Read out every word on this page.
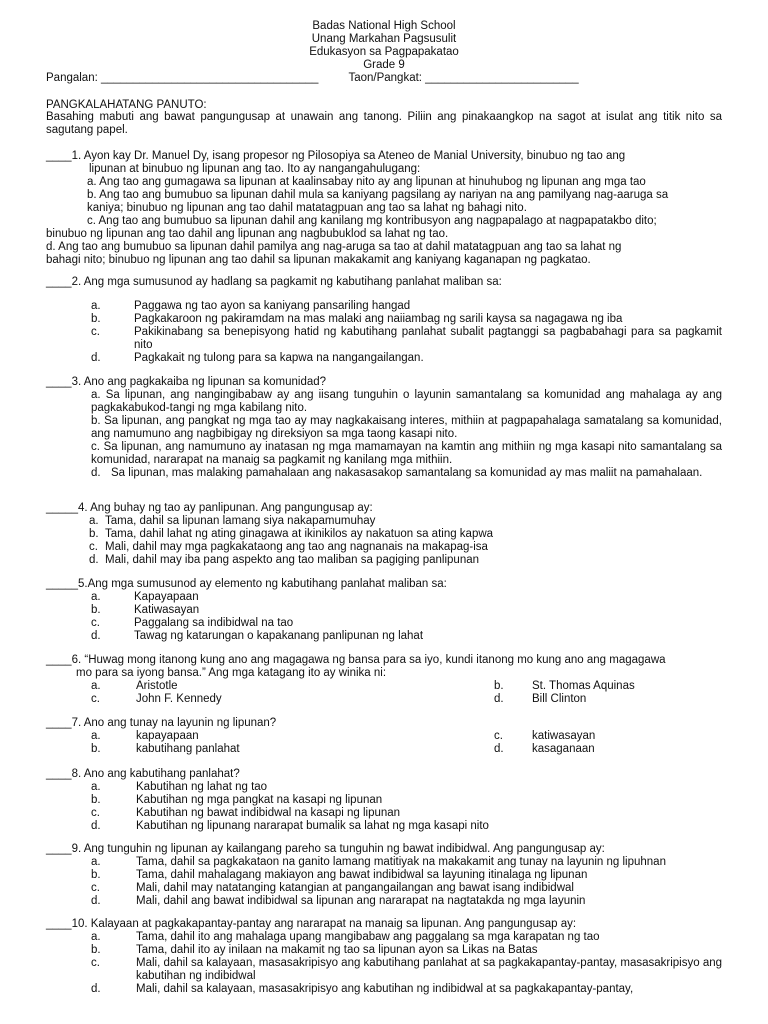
Badas National High School
Unang Markahan Pagsusulit
Edukasyon sa Pagpapakatao
Grade 9
Pangalan: __________________________________	Taon/Pangkat: ________________________
PANGKALAHATANG PANUTO:
Basahing mabuti ang bawat pangungusap at unawain ang tanong. Piliin ang pinakaangkop na sagot at isulat ang titik nito sa sagutang papel.
____1. Ayon kay Dr. Manuel Dy, isang propesor ng Pilosopiya sa Ateneo de Manial University, binubuo ng tao ang
lipunan at binubuo ng lipunan ang tao. Ito ay nangangahulugang:
a. Ang tao ang gumagawa sa lipunan at kaalinsabay nito ay ang lipunan at hinuhubog ng lipunan ang mga tao
b. Ang tao ang bumubuo sa lipunan dahil mula sa kaniyang pagsilang ay nariyan na ang pamilyang nag-aaruga sa
kaniya; binubuo ng lipunan ang tao dahil matatagpuan ang tao sa lahat ng bahagi nito.
c. Ang tao ang bumubuo sa lipunan dahil ang kanilang mg kontribusyon ang nagpapalago at nagpapatakbo dito;
binubuo ng lipunan ang tao dahil ang lipunan ang nagbubuklod sa lahat ng tao.
d. Ang tao ang bumubuo sa lipunan dahil pamilya ang nag-aruga sa tao at dahil matatagpuan ang tao sa lahat ng
bahagi nito; binubuo ng lipunan ang tao dahil sa lipunan makakamit ang kaniyang kaganapan ng pagkatao.
____2. Ang mga sumusunod ay hadlang sa pagkamit ng kabutihang panlahat maliban sa:
a.	Paggawa ng tao ayon sa kaniyang pansariling hangad
b.	Pagkakaroon ng pakiramdam na mas malaki ang naiiambag ng sarili kaysa sa nagagawa ng iba
c.	Pakikinabang sa benepisyong hatid ng kabutihang panlahat subalit pagtanggi sa pagbabahagi para sa pagkamit nito
d.	Pagkakait ng tulong para sa kapwa na nangangailangan.
____3. Ano ang pagkakaiba ng lipunan sa komunidad?
a. Sa lipunan, ang nangingibabaw ay ang iisang tunguhin o layunin samantalang sa komunidad ang mahalaga ay ang pagkakabukod-tangi ng mga kabilang nito.
b. Sa lipunan, ang pangkat ng mga tao ay may nagkakaisang interes, mithiin at pagpapahalaga samatalang sa komunidad, ang namumuno ang nagbibigay ng direksiyon sa mga taong kasapi nito.
c. Sa lipunan, ang namumuno ay inatasan ng mga mamamayan na kamtin ang mithiin ng mga kasapi nito samantalang sa komunidad, nararapat na manaig sa pagkamit ng kanilang mga mithiin.
d. Sa lipunan, mas malaking pamahalaan ang nakasasakop samantalang sa komunidad ay mas maliit na pamahalaan.
_____4. Ang buhay ng tao ay panlipunan. Ang pangungusap ay:
a. Tama, dahil sa lipunan lamang siya nakapamumuhay
b. Tama, dahil lahat ng ating ginagawa at ikinikilos ay nakatuon sa ating kapwa
c. Mali, dahil may mga pagkakataong ang tao ang nagnanais na makapag-isa
d. Mali, dahil may iba pang aspekto ang tao maliban sa pagiging panlipunan
_____5.Ang mga sumusunod ay elemento ng kabutihang panlahat maliban sa:
a.	Kapayapaan
b.	Katiwasayan
c.	Paggalang sa indibidwal na tao
d.	Tawag ng katarungan o kapakanang panlipunan ng lahat
____6. “Huwag mong itanong kung ano ang magagawa ng bansa para sa iyo, kundi itanong mo kung ano ang magagawa
mo para sa iyong bansa.” Ang mga katagang ito ay winika ni:
a.	Aristotle	b.	St. Thomas Aquinas
c.	John F. Kennedy	d.	Bill Clinton
____7. Ano ang tunay na layunin ng lipunan?
a.	kapayapaan	c.	katiwasayan
b.	kabutihang panlahat	d.	kasaganaan
____8. Ano ang kabutihang panlahat?
a.	Kabutihan ng lahat ng tao
b.	Kabutihan ng mga pangkat na kasapi ng lipunan
c.	Kabutihan ng bawat indibidwal na kasapi ng lipunan
d.	Kabutihan ng lipunang nararapat bumalik sa lahat ng mga kasapi nito
____9. Ang tunguhin ng lipunan ay kailangang pareho sa tunguhin ng bawat indibidwal. Ang pangungusap ay:
a.	Tama, dahil sa pagkakataon na ganito lamang matitiyak na makakamit ang tunay na layunin ng lipuhnan
b.	Tama, dahil mahalagang makiayon ang bawat indibidwal sa layuning itinalaga ng lipunan
c.	Mali, dahil may natatanging katangian at pangangailangan ang bawat isang indibidwal
d.	Mali, dahil ang bawat indibidwal sa lipunan ang nararapat na nagtatakda ng mga layunin
____10. Kalayaan at pagkakapantay-pantay ang nararapat na manaig sa lipunan. Ang pangungusap ay:
a.	Tama, dahil ito ang mahalaga upang mangibabaw ang paggalang sa mga karapatan ng tao
b.	Tama, dahil ito ay inilaan na makamit ng tao sa lipunan ayon sa Likas na Batas
c.	Mali, dahil sa kalayaan, masasakripisyo ang kabutihang panlahat at sa pagkakapantay-pantay, masasakripisyo ang kabutihan ng indibidwal
d.	Mali, dahil sa kalayaan, masasakripisyo ang kabutihan ng indibidwal at sa pagkakapantay-pantay,
